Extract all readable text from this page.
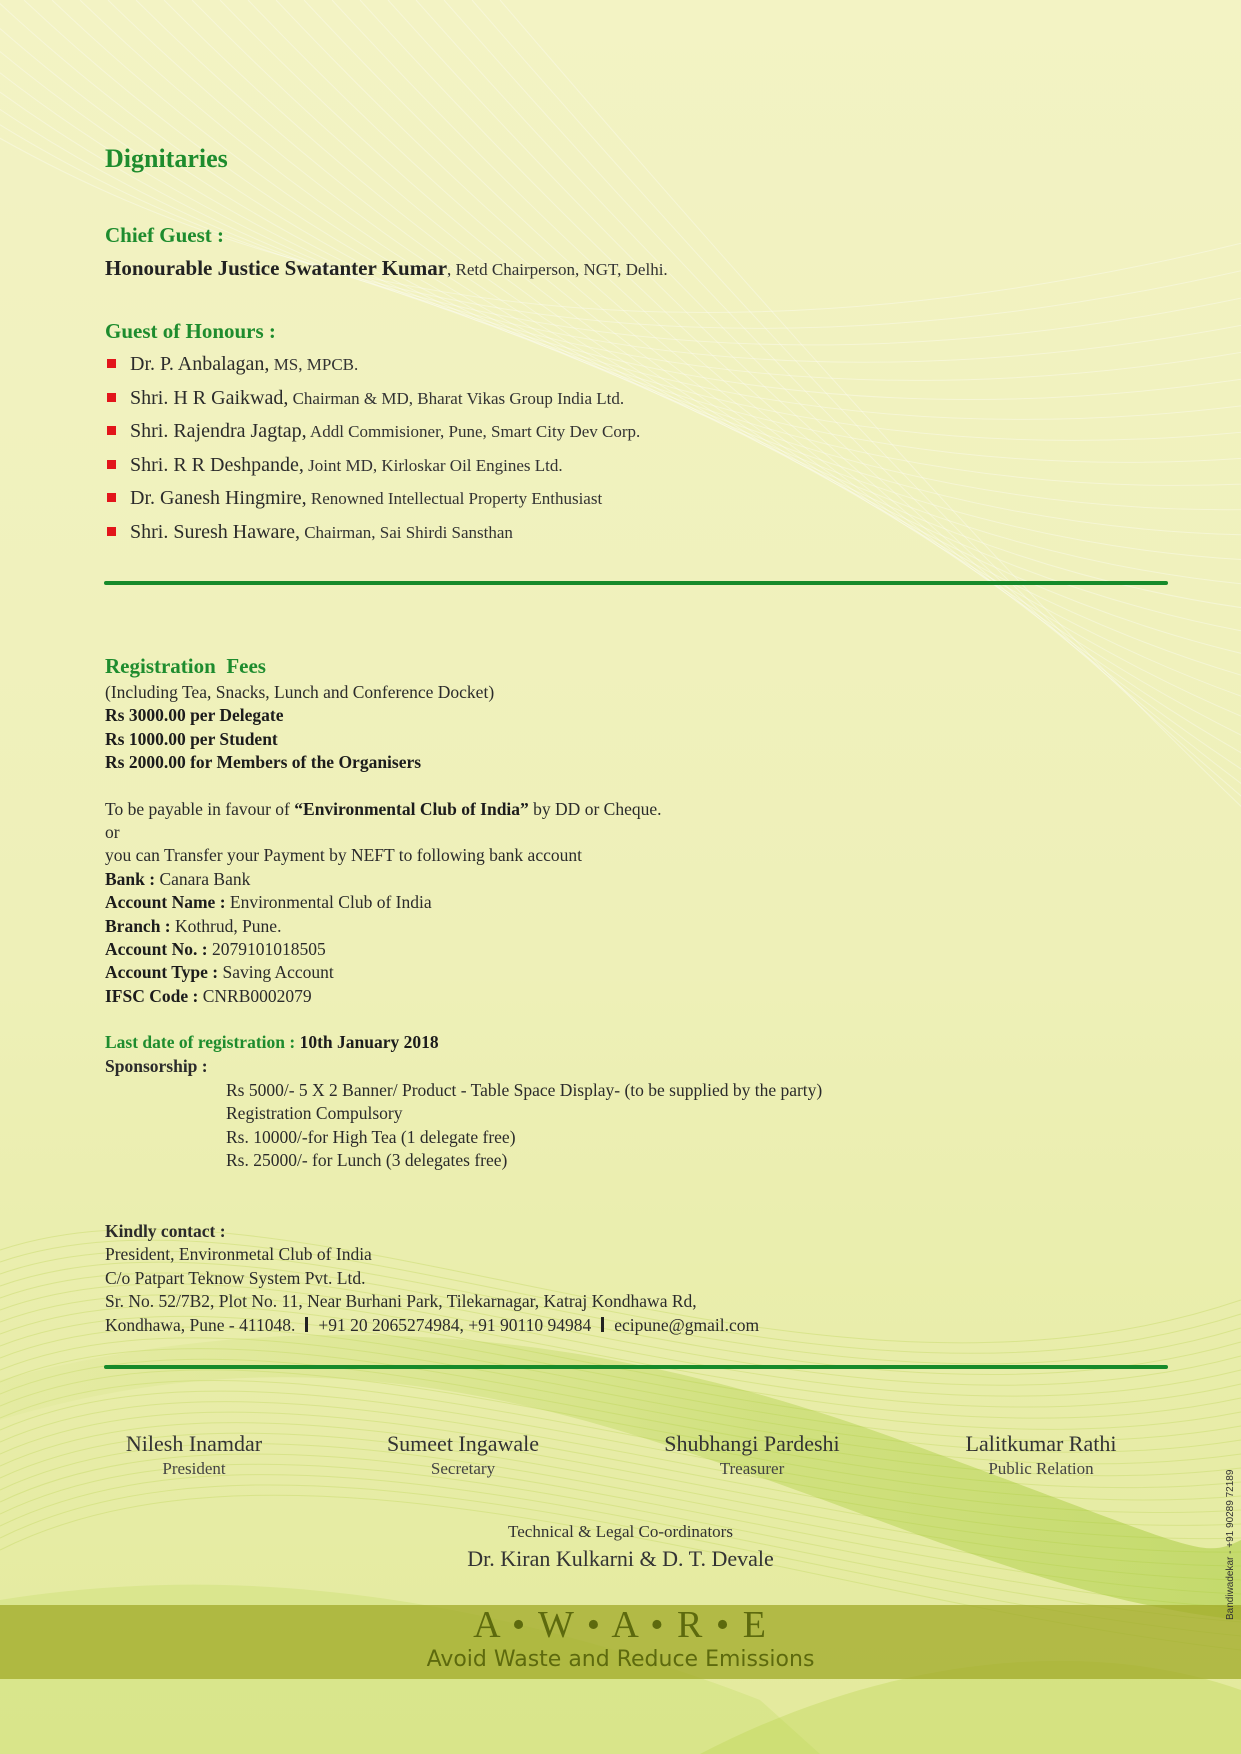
Dignitaries
Chief Guest :
Honourable Justice Swatanter Kumar, Retd Chairperson, NGT, Delhi.
Guest of Honours :
Dr. P. Anbalagan, MS, MPCB.
Shri. H R Gaikwad, Chairman & MD, Bharat Vikas Group India Ltd.
Shri. Rajendra Jagtap, Addl Commisioner, Pune, Smart City Dev Corp.
Shri. R R Deshpande, Joint MD, Kirloskar Oil Engines Ltd.
Dr. Ganesh Hingmire, Renowned Intellectual Property Enthusiast
Shri. Suresh Haware, Chairman, Sai Shirdi Sansthan
Registration  Fees
(Including Tea, Snacks, Lunch and Conference Docket)
Rs 3000.00 per Delegate
Rs 1000.00 per Student
Rs 2000.00 for Members of the Organisers
To be payable in favour of “Environmental Club of India” by DD or Cheque.
or
you can Transfer your Payment by NEFT to following bank account
Bank : Canara Bank
Account Name : Environmental Club of India
Branch : Kothrud, Pune.
Account No. : 2079101018505
Account Type : Saving Account
IFSC Code : CNRB0002079
Last date of registration : 10th January 2018
Sponsorship :
Rs 5000/- 5 X 2 Banner/ Product - Table Space Display- (to be supplied by the party)
Registration Compulsory
Rs. 10000/-for High Tea (1 delegate free)
Rs. 25000/- for Lunch (3 delegates free)
Kindly contact :
President, Environmetal Club of India
C/o Patpart Teknow System Pvt. Ltd.
Sr. No. 52/7B2, Plot No. 11, Near Burhani Park, Tilekarnagar, Katraj Kondhawa Rd,
Kondhawa, Pune - 411048. +91 20 2065274984, +91 90110 94984 ecipune@gmail.com
Nilesh Inamdar
President
Sumeet Ingawale
Secretary
Shubhangi Pardeshi
Treasurer
Lalitkumar Rathi
Public Relation
Technical & Legal Co-ordinators
Dr. Kiran Kulkarni & D. T. Devale
A • W • A • R • E
Avoid Waste and Reduce Emissions
Bandiwadekar - +91 90289 72189
